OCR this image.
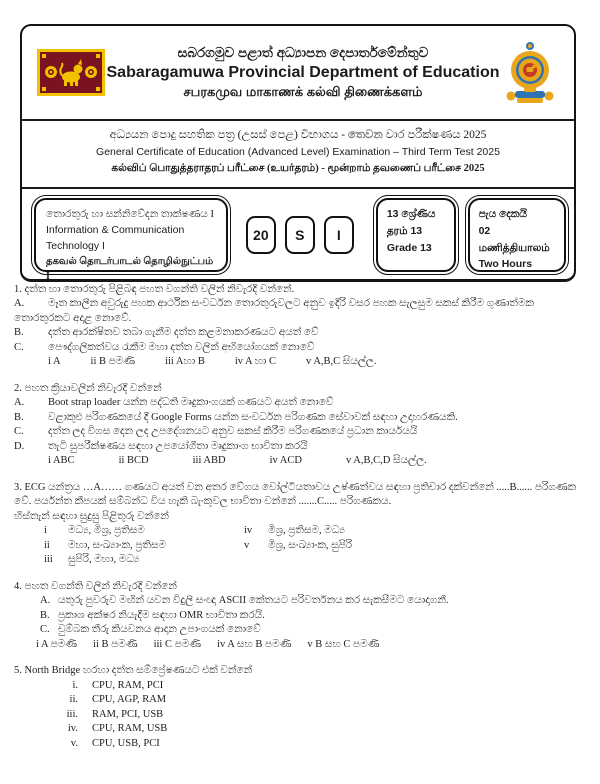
සබරගමුව පළාත් අධ්‍යාපන දෙපාර්තමේන්තුව
Sabaragamuwa Provincial Department of Education
சபரகமுவ மாகாணக் கல்வி திணைக்களம்
අධ්‍යයන පොදු සහතික පත්‍ර (උසස් පෙළ) විභාගය - තෙවන වාර පරීක්ෂණය 2025
General Certificate of Education (Advanced Level) Examination – Third Term Test 2025
கல்விப் பொதுத்தராதரப் பரீட்சை (உயர்தரம்) - மூன்றாம் தவணைப் பரீட்சை 2025
තොරතුරු හා සන්නිවේදන තාක්ෂණය I
Information & Communication Technology I
தகவல் தொடர்பாடல் தொழில்நுட்பம் I
20	S	I
13 ශ්‍රේණිය
தரம் 13
Grade 13
පැය දෙකයි
02 மணித்தியாலம்
Two Hours

1. දත්ත හා තොරතුරු පිළිබඳ පහත වගන්ති වලින් නිවැරදි වන්නේ.

A. මෑත කාලීන අවුරුදු පහක ආර්ථික සංවර්ධන තොරතුරුවලට අනුව ඉදිරි වසර පහක සැලසුම සකස් කිරීම ගුණාත්මක තොරතුරකට අදාළ නොවේ.

B. දත්ත ආරක්ෂිතව තබා ගැනීම දත්ත කළමනාකරණයට අයත් වේ

C. පෞද්ගලිකත්වය රැකීම මහා දත්ත වලින් අභියෝගයක් නොවේ

i A	ii B පමණි	iii Aහා B	iv A හා C	v A,B,C සියල්ල.

2. පහත ක්‍රියාවලින් නිවැරදි වන්නේ

A. Boot strap loader යන්න පද්ධති මෘදුකාංගයක් ගණයට අයත් නොවේ

B. වළාකුළු පරිගණකයේ දී Google Forms යන්න සංවර්ධන පරිගණක සේවාවක් සඳහා උදාහරණයකි.

C. දත්ත ලද විගස දෙන ලද උපදේශනයට අනුව සකස් කිරීම පරිගණකයේ ප්‍රධාන කාර්යයයි

D. තැටි සුපරීක්ෂණය සඳහා උපයෝගීතා මෘදුකාංග භාවිතා කරයි

i ABC	ii BCD	iii ABD	iv ACD	v A,B,C,D සියල්ල.

3. ECG යන්ත්‍රය …A…… ගණයට අයත් වන අතර වේගය වෝල්ටීයතාවය උෂ්ණත්වය සඳහා ප්‍රතිචාර දක්වන්නේ .....B...... පරිගණක වේ. පර්යන්ත කීපයක් සම්බන්ධ විය හැකි බැංකුවල භාවිතා වන්නේ .......C..... පරිගණකය.

හිස්තැන් සඳහා සුදුසු පිළිතුරු වන්නේ

i මධ්‍ය, මිශ්‍ර, ප්‍රතිසම	iv මිශ්‍ර, ප්‍රතිසම, මධ්‍ය
ii මහා, සංඛ්‍යාංක, ප්‍රතිසම	v මිශ්‍ර, සංඛ්‍යාංක, සුපිරි
iii සුපිරි, මහා, මධ්‍ය

4. පහත වගන්ති වලින් නිවැරදි වන්නේ

A. යතුරු පුවරුව මඟින් යවන විදුලි සංඥා ASCII කේතයට පරිවර්තනය කර සැකසීමට යොදාගනී.

B. ප්‍රකාශ අක්ෂර නියැදීම සඳහා OMR භාවිතා කරයි.

C. චුම්බක තීරු කියවනය ආදාන උපාංගයක් නොවේ

i A පමණි ii B පමණි iii C පමණි iv A සහ B පමණි v B සහ C පමණි

5. North Bridge හරහා දත්ත සම්ප්‍රේෂණයට එක් වන්නේ

i. CPU, RAM, PCI
ii. CPU, AGP, RAM
iii. RAM, PCI, USB
iv. CPU, RAM, USB
v. CPU, USB, PCI
